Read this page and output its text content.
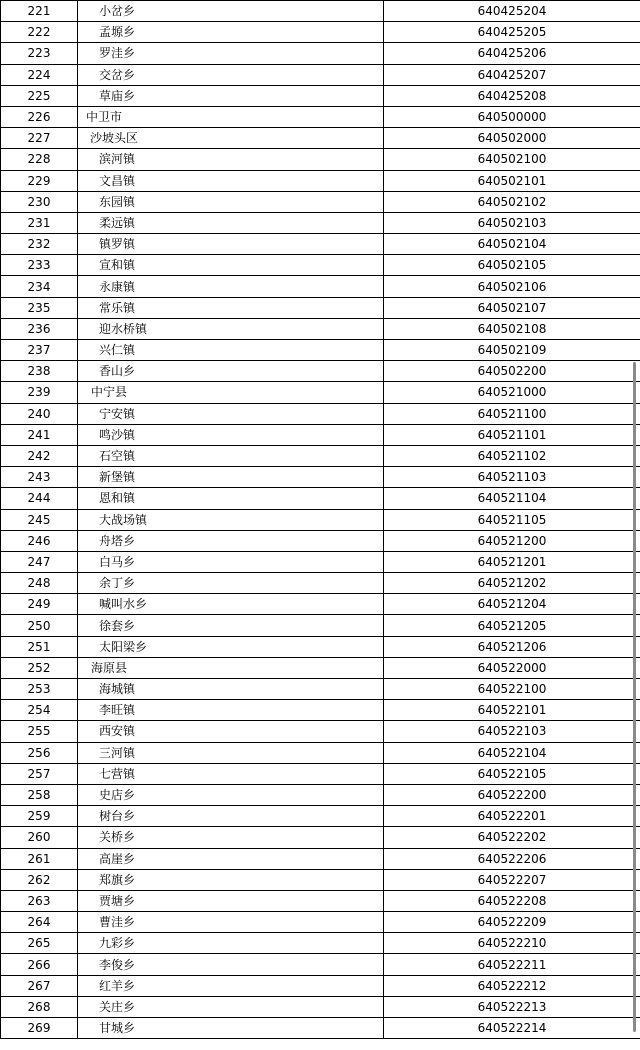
221	小岔乡	640425204
222	孟塬乡	640425205
223	罗洼乡	640425206
224	交岔乡	640425207
225	草庙乡	640425208
226	中卫市	640500000
227	沙坡头区	640502000
228	滨河镇	640502100
229	文昌镇	640502101
230	东园镇	640502102
231	柔远镇	640502103
232	镇罗镇	640502104
233	宣和镇	640502105
234	永康镇	640502106
235	常乐镇	640502107
236	迎水桥镇	640502108
237	兴仁镇	640502109
238	香山乡	640502200
239	中宁县	640521000
240	宁安镇	640521100
241	鸣沙镇	640521101
242	石空镇	640521102
243	新堡镇	640521103
244	恩和镇	640521104
245	大战场镇	640521105
246	舟塔乡	640521200
247	白马乡	640521201
248	余丁乡	640521202
249	喊叫水乡	640521204
250	徐套乡	640521205
251	太阳梁乡	640521206
252	海原县	640522000
253	海城镇	640522100
254	李旺镇	640522101
255	西安镇	640522103
256	三河镇	640522104
257	七营镇	640522105
258	史店乡	640522200
259	树台乡	640522201
260	关桥乡	640522202
261	高崖乡	640522206
262	郑旗乡	640522207
263	贾塘乡	640522208
264	曹洼乡	640522209
265	九彩乡	640522210
266	李俊乡	640522211
267	红羊乡	640522212
268	关庄乡	640522213
269	甘城乡	640522214
